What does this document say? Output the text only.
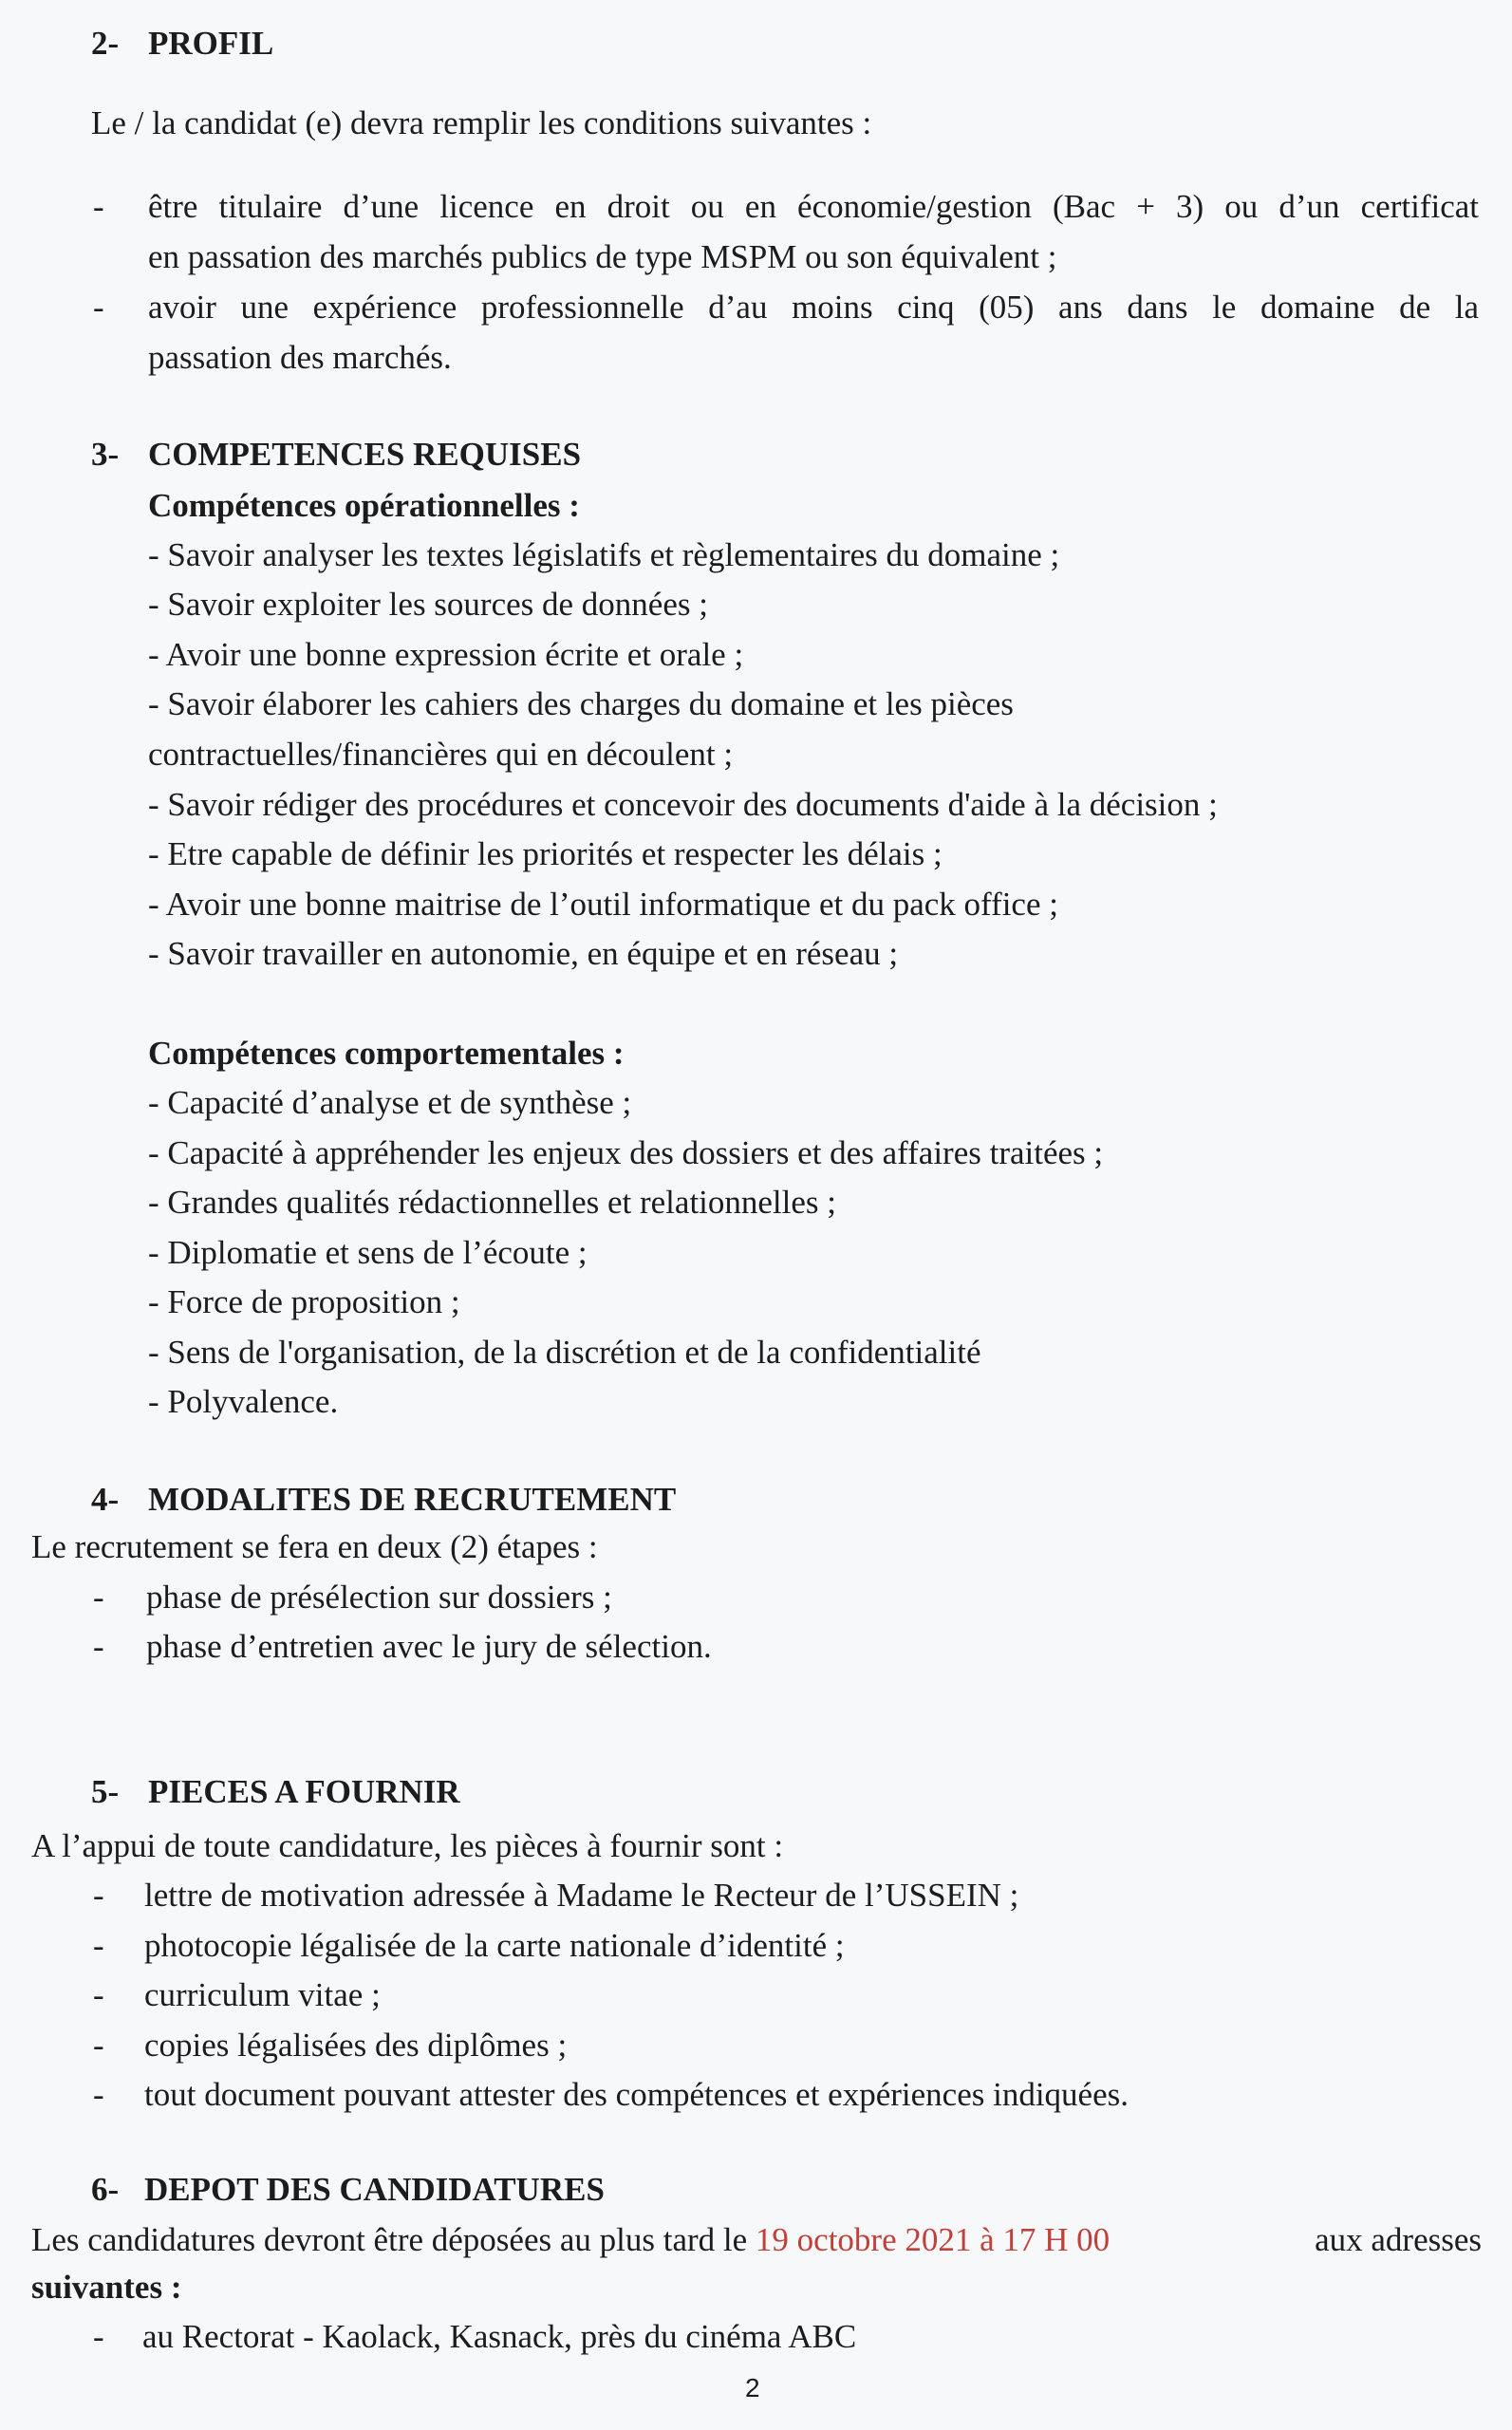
2- PROFIL
Le / la candidat (e) devra remplir les conditions suivantes :
- être titulaire d’une licence en droit ou en économie/gestion (Bac + 3) ou d’un certificat
en passation des marchés publics de type MSPM ou son équivalent ;
- avoir une expérience professionnelle d’au moins cinq (05) ans dans le domaine de la
passation des marchés.
3- COMPETENCES REQUISES
Compétences opérationnelles :
- Savoir analyser les textes législatifs et règlementaires du domaine ;
- Savoir exploiter les sources de données ;
- Avoir une bonne expression écrite et orale ;
- Savoir élaborer les cahiers des charges du domaine et les pièces
contractuelles/financières qui en découlent ;
- Savoir rédiger des procédures et concevoir des documents d'aide à la décision ;
- Etre capable de définir les priorités et respecter les délais ;
- Avoir une bonne maitrise de l’outil informatique et du pack office ;
- Savoir travailler en autonomie, en équipe et en réseau ;
Compétences comportementales :
- Capacité d’analyse et de synthèse ;
- Capacité à appréhender les enjeux des dossiers et des affaires traitées ;
- Grandes qualités rédactionnelles et relationnelles ;
- Diplomatie et sens de l’écoute ;
- Force de proposition ;
- Sens de l'organisation, de la discrétion et de la confidentialité
- Polyvalence.
4- MODALITES DE RECRUTEMENT
Le recrutement se fera en deux (2) étapes :
- phase de présélection sur dossiers ;
- phase d’entretien avec le jury de sélection.
5- PIECES A FOURNIR
A l’appui de toute candidature, les pièces à fournir sont :
- lettre de motivation adressée à Madame le Recteur de l’USSEIN ;
- photocopie légalisée de la carte nationale d’identité ;
- curriculum vitae ;
- copies légalisées des diplômes ;
- tout document pouvant attester des compétences et expériences indiquées.
6- DEPOT DES CANDIDATURES
Les candidatures devront être déposées au plus tard le 19 octobre 2021 à 17 H 00	aux adresses
suivantes :
- au Rectorat - Kaolack, Kasnack, près du cinéma ABC
2
